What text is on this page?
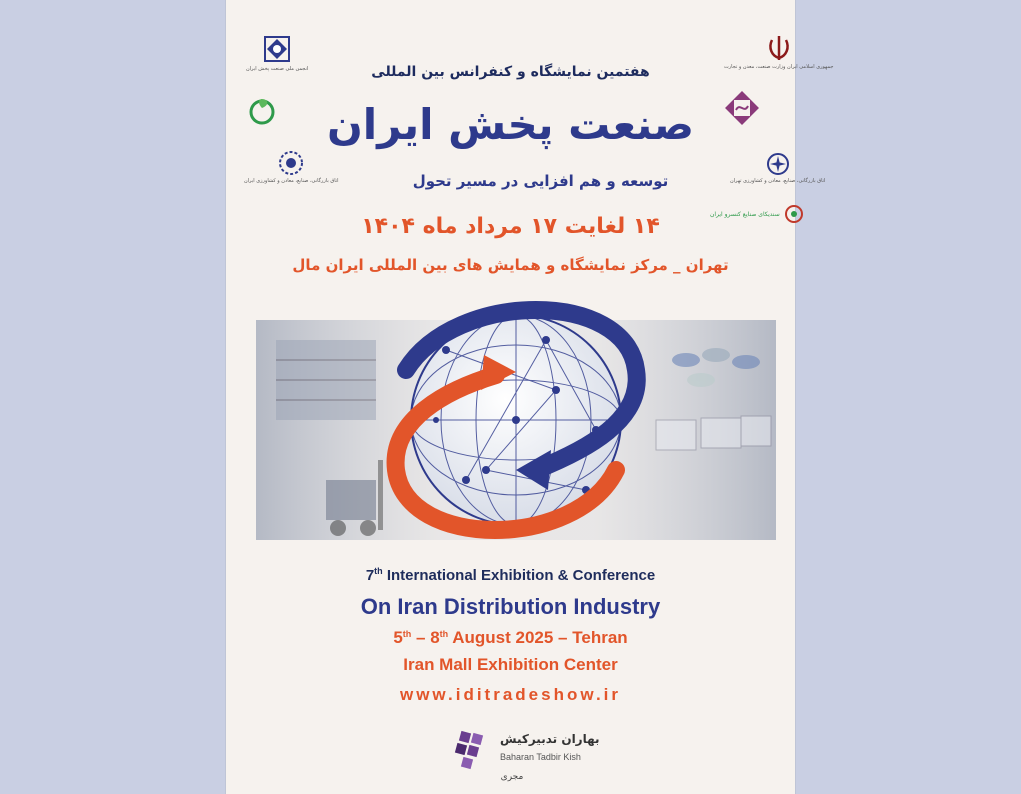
انجمن ملی صنعت پخش ایران
اتاق بازرگانی، صنایع، معادن و کشاورزی ایران
جمهوری اسلامی ایران وزارت صنعت، معدن و تجارت
اتاق بازرگانی، صنایع، معادن و کشاورزی تهران
سندیکای صنایع کنسرو ایران
هفتمین نمایشگاه و کنفرانس بین المللی
صنعت پخش ایران
توسعه و هم افزایی در مسیر تحول
۱۴ لغایت ۱۷ مرداد ماه ۱۴۰۴
تهران _ مرکز نمایشگاه و همایش های بین المللی ایران مال
7th International Exhibition & Conference
On Iran Distribution Industry
5th – 8th August 2025 – Tehran
Iran Mall Exhibition Center
www.iditradeshow.ir
بهاران تدبیرکیش
Baharan Tadbir Kish
مجری
